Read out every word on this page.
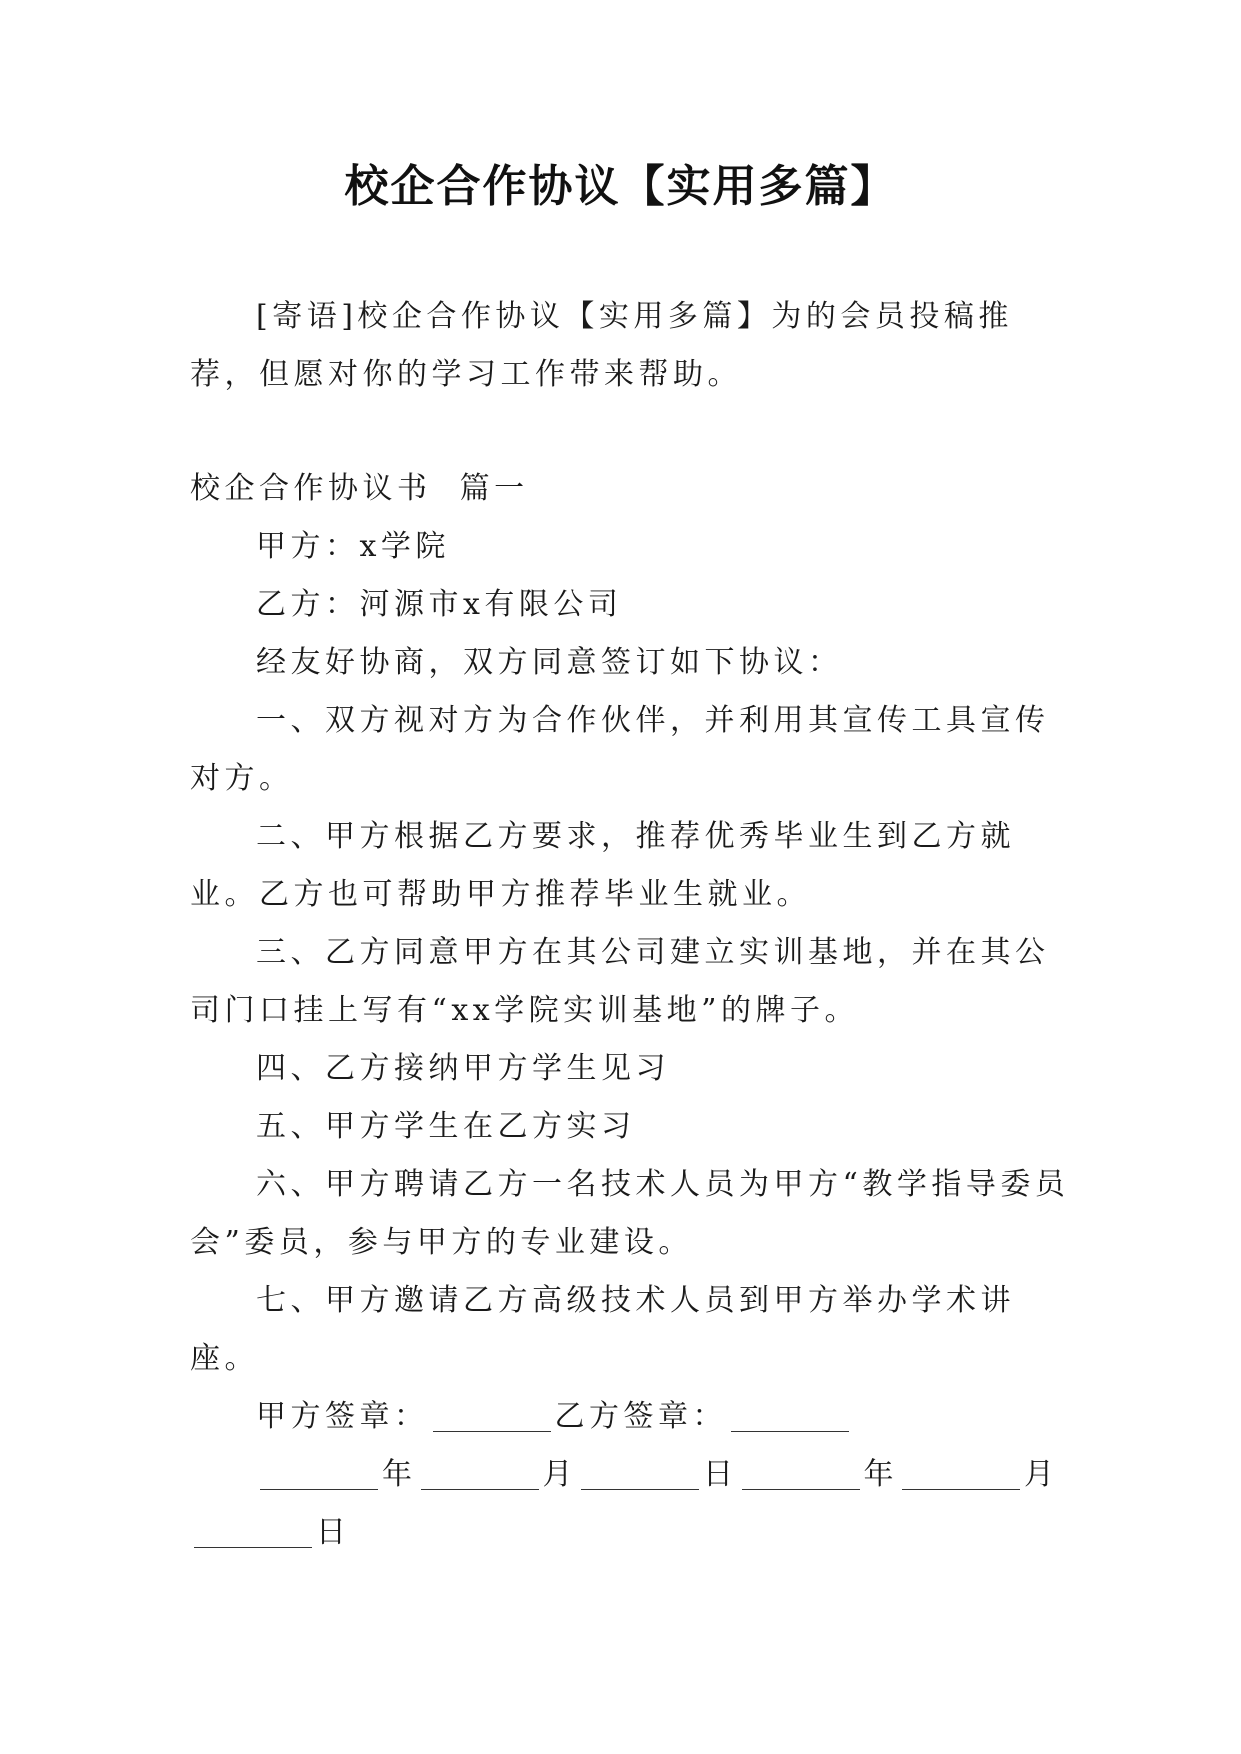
校企合作协议【实用多篇】

[寄语]校企合作协议【实用多篇】为的会员投稿推荐，但愿对你的学习工作带来帮助。

校企合作协议书  篇一

甲方：x学院

乙方：河源市x有限公司

经友好协商，双方同意签订如下协议：

一、双方视对方为合作伙伴，并利用其宣传工具宣传对方。

二、甲方根据乙方要求，推荐优秀毕业生到乙方就业。乙方也可帮助甲方推荐毕业生就业。

三、乙方同意甲方在其公司建立实训基地，并在其公司门口挂上写有“xx学院实训基地”的牌子。

四、乙方接纳甲方学生见习

五、甲方学生在乙方实习

六、甲方聘请乙方一名技术人员为甲方“教学指导委员会”委员，参与甲方的专业建设。

七、甲方邀请乙方高级技术人员到甲方举办学术讲座。

甲方签章：	乙方签章：

年	月	日	年	月日
